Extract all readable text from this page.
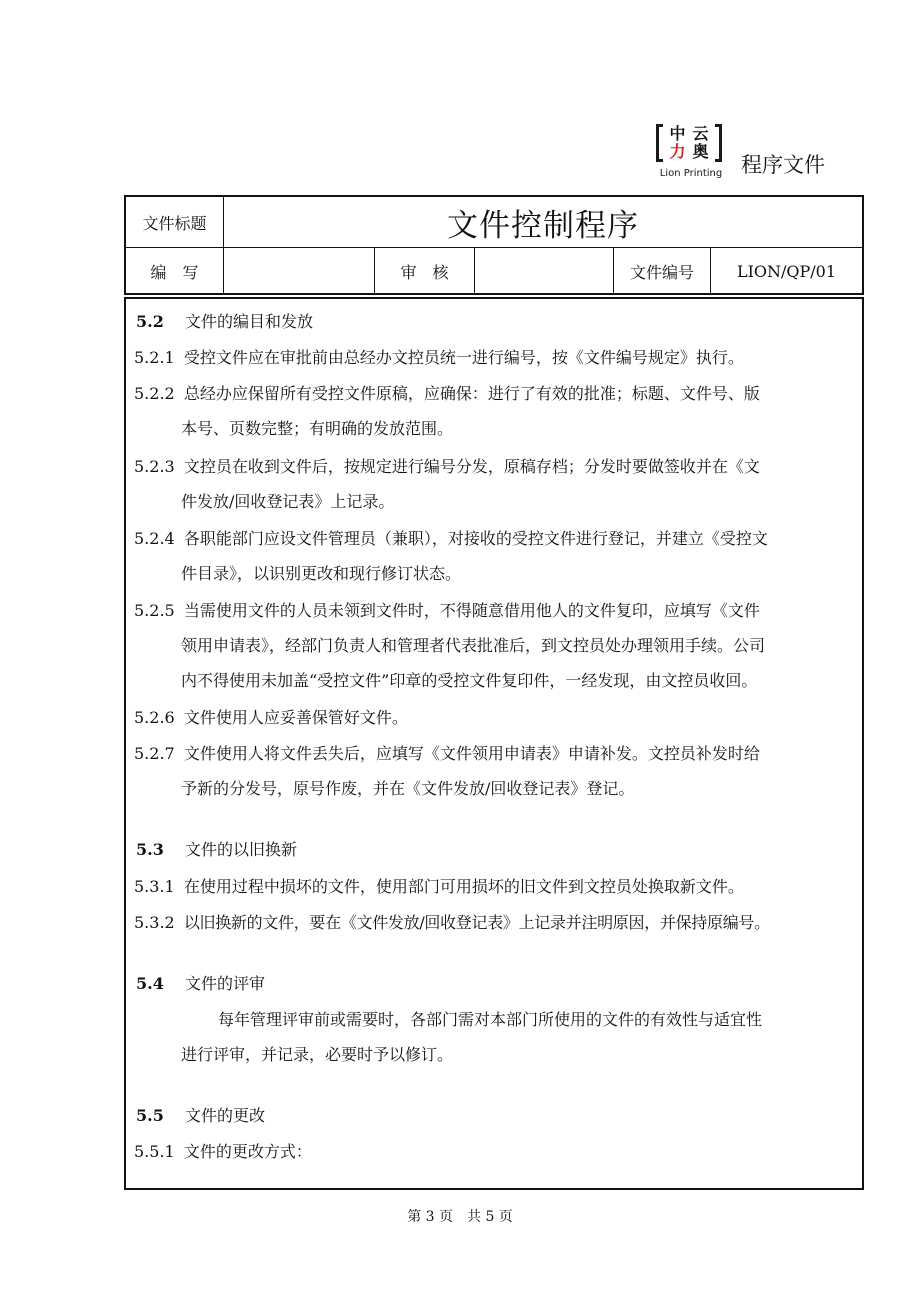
中 云
力 奥
Lion Printing 程序文件
文件标题	文件控制程序
编　写	审　核	文件编号	LION/QP/01
5.2 文件的编目和发放
5.2.1 受控文件应在审批前由总经办文控员统一进行编号，按《文件编号规定》执行。
5.2.2 总经办应保留所有受控文件原稿，应确保：进行了有效的批准；标题、文件号、版
本号、页数完整；有明确的发放范围。
5.2.3 文控员在收到文件后，按规定进行编号分发，原稿存档；分发时要做签收并在《文
件发放/回收登记表》上记录。
5.2.4 各职能部门应设文件管理员（兼职），对接收的受控文件进行登记，并建立《受控文
件目录》，以识别更改和现行修订状态。
5.2.5 当需使用文件的人员未领到文件时，不得随意借用他人的文件复印，应填写《文件
领用申请表》，经部门负责人和管理者代表批准后，到文控员处办理领用手续。公司
内不得使用未加盖“受控文件”印章的受控文件复印件，一经发现，由文控员收回。
5.2.6 文件使用人应妥善保管好文件。
5.2.7 文件使用人将文件丢失后，应填写《文件领用申请表》申请补发。文控员补发时给
予新的分发号，原号作废，并在《文件发放/回收登记表》登记。
5.3 文件的以旧换新
5.3.1 在使用过程中损坏的文件，使用部门可用损坏的旧文件到文控员处换取新文件。
5.3.2 以旧换新的文件，要在《文件发放/回收登记表》上记录并注明原因，并保持原编号。
5.4 文件的评审
每年管理评审前或需要时，各部门需对本部门所使用的文件的有效性与适宜性
进行评审，并记录，必要时予以修订。
5.5 文件的更改
5.5.1 文件的更改方式：
第 3 页　共 5 页
